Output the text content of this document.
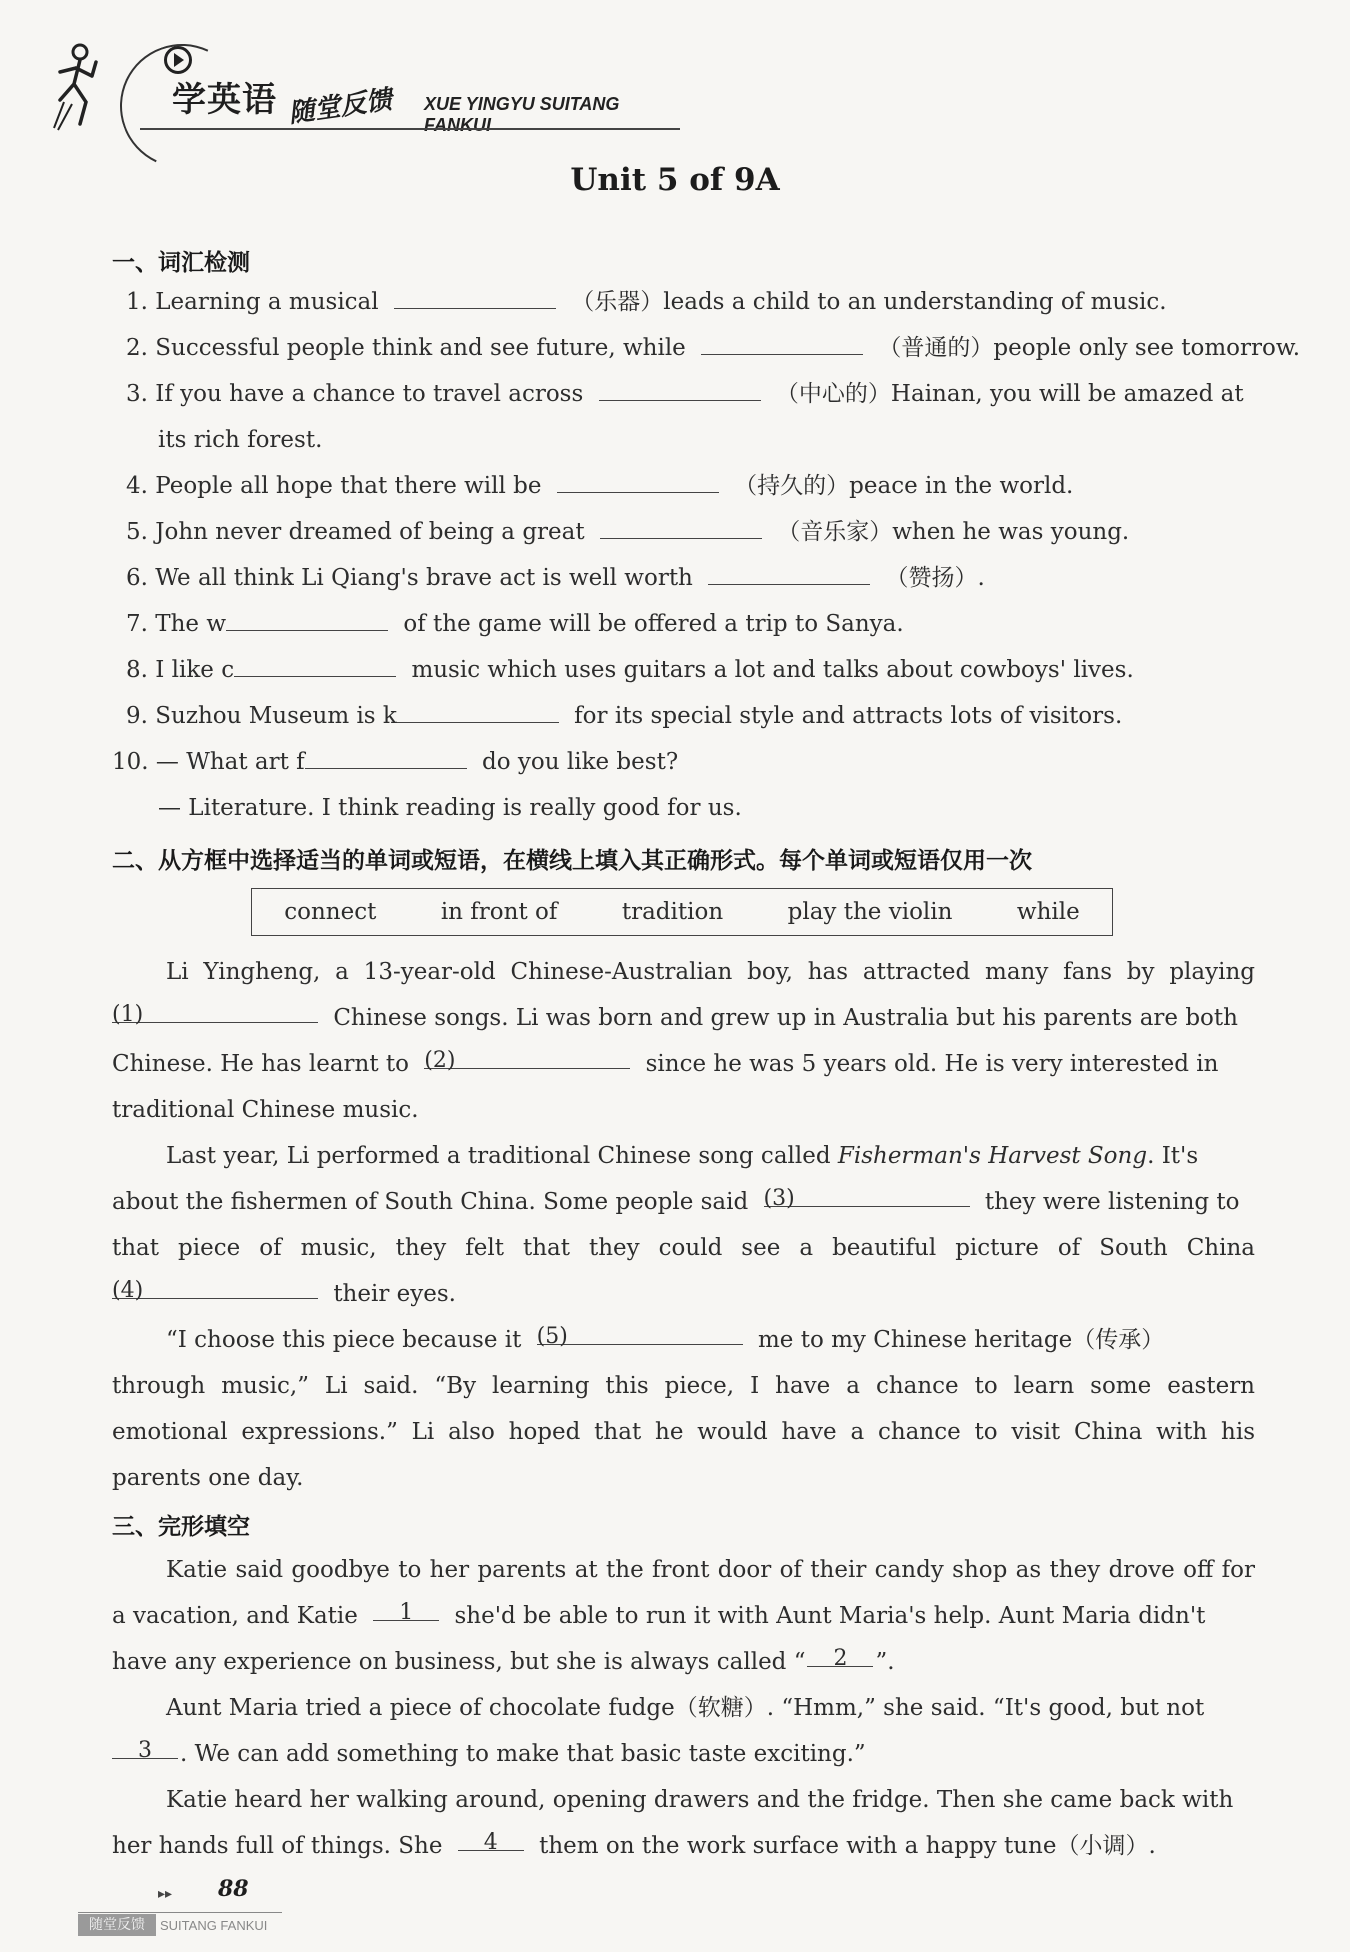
学英语 随堂反馈 XUE YINGYU SUITANG FANKUI
Unit 5 of 9A
一、词汇检测
1. Learning a musical	（乐器）leads a child to an understanding of music.
2. Successful people think and see future, while	（普通的）people only see tomorrow.
3. If you have a chance to travel across	（中心的）Hainan, you will be amazed at
its rich forest.
4. People all hope that there will be	（持久的）peace in the world.
5. John never dreamed of being a great	（音乐家）when he was young.
6. We all think Li Qiang's brave act is well worth	（赞扬）.
7. The w	of the game will be offered a trip to Sanya.
8. I like c	music which uses guitars a lot and talks about cowboys' lives.
9. Suzhou Museum is k	for its special style and attracts lots of visitors.
10. — What art f	do you like best?
— Literature. I think reading is really good for us.
二、从方框中选择适当的单词或短语，在横线上填入其正确形式。每个单词或短语仅用一次
connect	in front of	tradition	play the violin	while
Li Yingheng, a 13-year-old Chinese-Australian boy, has attracted many fans by playing
(1)	Chinese songs. Li was born and grew up in Australia but his parents are both
Chinese. He has learnt to (2)	since he was 5 years old. He is very interested in
traditional Chinese music.
Last year, Li performed a traditional Chinese song called Fisherman's Harvest Song. It's
about the fishermen of South China. Some people said (3)	they were listening to
that piece of music, they felt that they could see a beautiful picture of South China
(4)	their eyes.
“I choose this piece because it (5)	me to my Chinese heritage（传承）
through music,” Li said. “By learning this piece, I have a chance to learn some eastern
emotional expressions.” Li also hoped that he would have a chance to visit China with his
parents one day.
三、完形填空
Katie said goodbye to her parents at the front door of their candy shop as they drove off for
a vacation, and Katie 1 she'd be able to run it with Aunt Maria's help. Aunt Maria didn't
have any experience on business, but she is always called “ 2 ”.
Aunt Maria tried a piece of chocolate fudge（软糖）. “Hmm,” she said. “It's good, but not
3 . We can add something to make that basic taste exciting.”
Katie heard her walking around, opening drawers and the fridge. Then she came back with
her hands full of things. She 4 them on the work surface with a happy tune（小调）.
▸▸ 88
随堂反馈	SUITANG FANKUI
